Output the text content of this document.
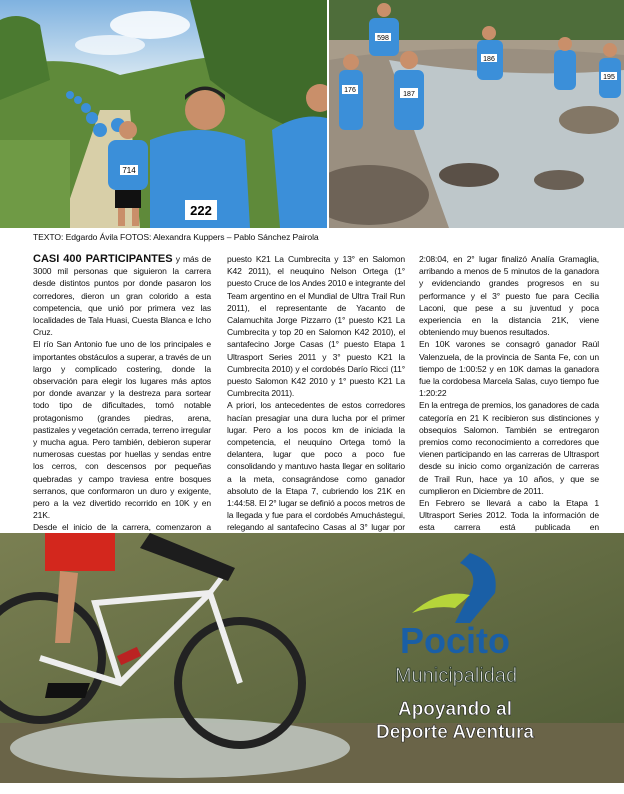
714
222
176
187
598
186
195
TEXTO: Edgardo Ávila FOTOS: Alexandra Kuppers – Pablo Sánchez Pairola

CASI 400 PARTICIPANTES y más de 3000 mil personas que siguieron la carrera desde distintos puntos por donde pasaron los corredores, dieron un gran colorido a esta competencia, que unió por primera vez las localidades de Tala Huasi, Cuesta Blanca e Icho Cruz.

El río San Antonio fue uno de los principales e importantes obstáculos a superar, a través de un largo y complicado costering, donde la observación para elegir los lugares más aptos por donde avanzar y la destreza para sortear todo tipo de dificultades, tomó notable protagonismo (grandes piedras, arena, pastizales y vegetación cerrada, terreno irregular y mucha agua. Pero también, debieron superar numerosas cuestas por huellas y sendas entre los cerros, con descensos por pequeñas quebradas y campo traviesa entre bosques serranos, que conformaron un duro y exigente, pero a la vez divertido recorrido en 10K y en 21K.

Desde el inicio de la carrera, comenzaron a

puesto K21 La Cumbrecita y 13° en Salomon K42 2011), el neuquino Nelson Ortega (1° puesto Cruce de los Andes 2010 e integrante del Team argentino en el Mundial de Ultra Trail Run 2011), el representante de Yacanto de Calamuchita Jorge Pizzarro (1° puesto K21 La Cumbrecita y top 20 en Salomon K42 2010), el santafecino Jorge Casas (1° puesto Etapa 1 Ultrasport Series 2011 y 3° puesto K21 la Cumbrecita 2010) y el cordobés Darío Ricci (11° puesto Salomon K42 2010 y 1° puesto K21 La Cumbrecita 2011).

A priori, los antecedentes de estos corredores hacían presagiar una dura lucha por el primer lugar. Pero a los pocos km de iniciada la competencia, el neuquino Ortega tomó la delantera, lugar que poco a poco fue consolidando y mantuvo hasta llegar en solitario a la meta, consagrándose como ganador absoluto de la Etapa 7, cubriendo los 21K en 1:44:58. El 2° lugar se definió a pocos metros de la llegada y fue para el cordobés Amuchástegui, relegando al santafecino Casas al 3° lugar por

2:08:04, en 2° lugar finalizó Analía Gramaglia, arribando a menos de 5 minutos de la ganadora y evidenciando grandes progresos en su performance y el 3° puesto fue para Cecilia Laconi, que pese a su juventud y poca experiencia en la distancia 21K, viene obteniendo muy buenos resultados.

En 10K varones se consagró ganador Raúl Valenzuela, de la provincia de Santa Fe, con un tiempo de 1:00:52 y en 10K damas la ganadora fue la cordobesa Marcela Salas, cuyo tiempo fue 1:20:22

En la entrega de premios, los ganadores de cada categoría en 21 K recibieron sus distinciones y obsequios Salomon. También se entregaron premios como reconocimiento a corredores que vienen participando en las carreras de Ultrasport desde su inicio como organización de carreras de Trail Run, hace ya 10 años, y que se cumplieron en Diciembre de 2011.

En Febrero se llevará a cabo la Etapa 1 Ultrasport Series 2012. Toda la información de esta carrera está publicada en

Pocito
Municipalidad
Apoyando al
Deporte Aventura
